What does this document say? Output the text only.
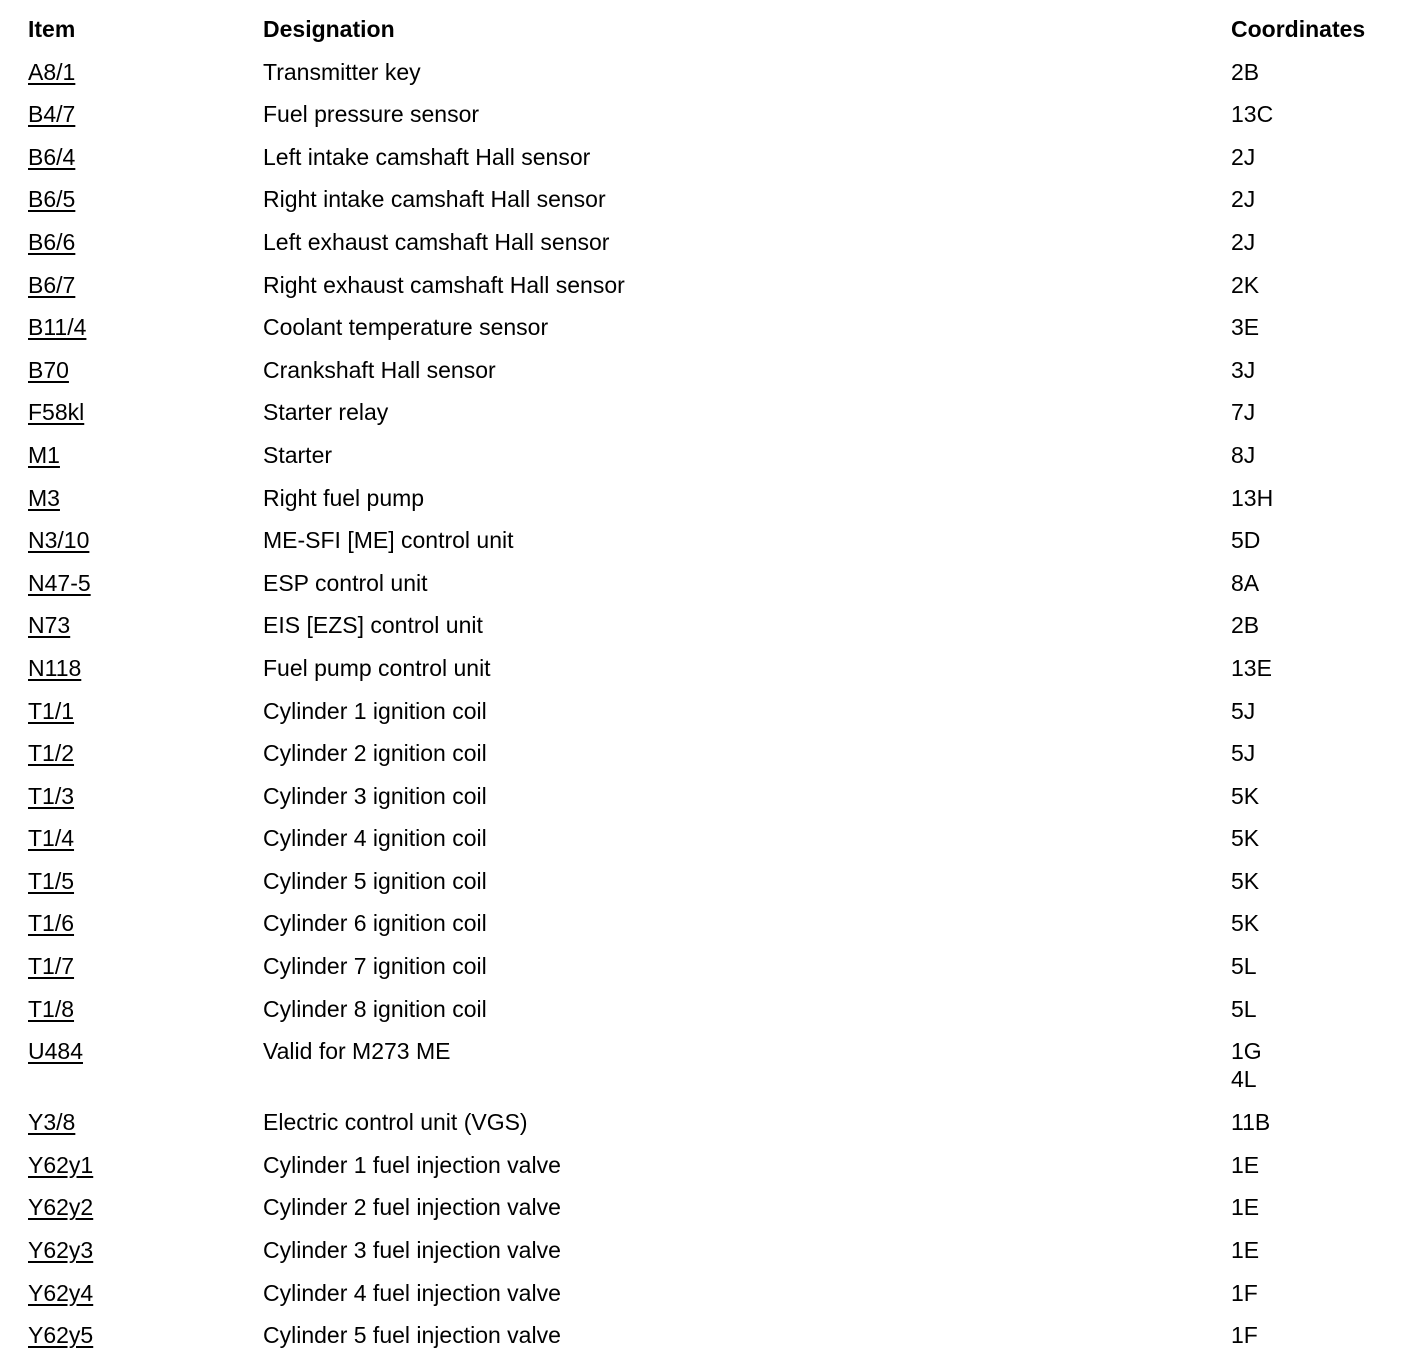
Item	Designation	Coordinates
A8/1	Transmitter key	2B
B4/7	Fuel pressure sensor	13C
B6/4	Left intake camshaft Hall sensor	2J
B6/5	Right intake camshaft Hall sensor	2J
B6/6	Left exhaust camshaft Hall sensor	2J
B6/7	Right exhaust camshaft Hall sensor	2K
B11/4	Coolant temperature sensor	3E
B70	Crankshaft Hall sensor	3J
F58kl	Starter relay	7J
M1	Starter	8J
M3	Right fuel pump	13H
N3/10	ME-SFI [ME] control unit	5D
N47-5	ESP control unit	8A
N73	EIS [EZS] control unit	2B
N118	Fuel pump control unit	13E
T1/1	Cylinder 1 ignition coil	5J
T1/2	Cylinder 2 ignition coil	5J
T1/3	Cylinder 3 ignition coil	5K
T1/4	Cylinder 4 ignition coil	5K
T1/5	Cylinder 5 ignition coil	5K
T1/6	Cylinder 6 ignition coil	5K
T1/7	Cylinder 7 ignition coil	5L
T1/8	Cylinder 8 ignition coil	5L
U484	Valid for M273 ME	1G
4L
Y3/8	Electric control unit (VGS)	11B
Y62y1	Cylinder 1 fuel injection valve	1E
Y62y2	Cylinder 2 fuel injection valve	1E
Y62y3	Cylinder 3 fuel injection valve	1E
Y62y4	Cylinder 4 fuel injection valve	1F
Y62y5	Cylinder 5 fuel injection valve	1F
